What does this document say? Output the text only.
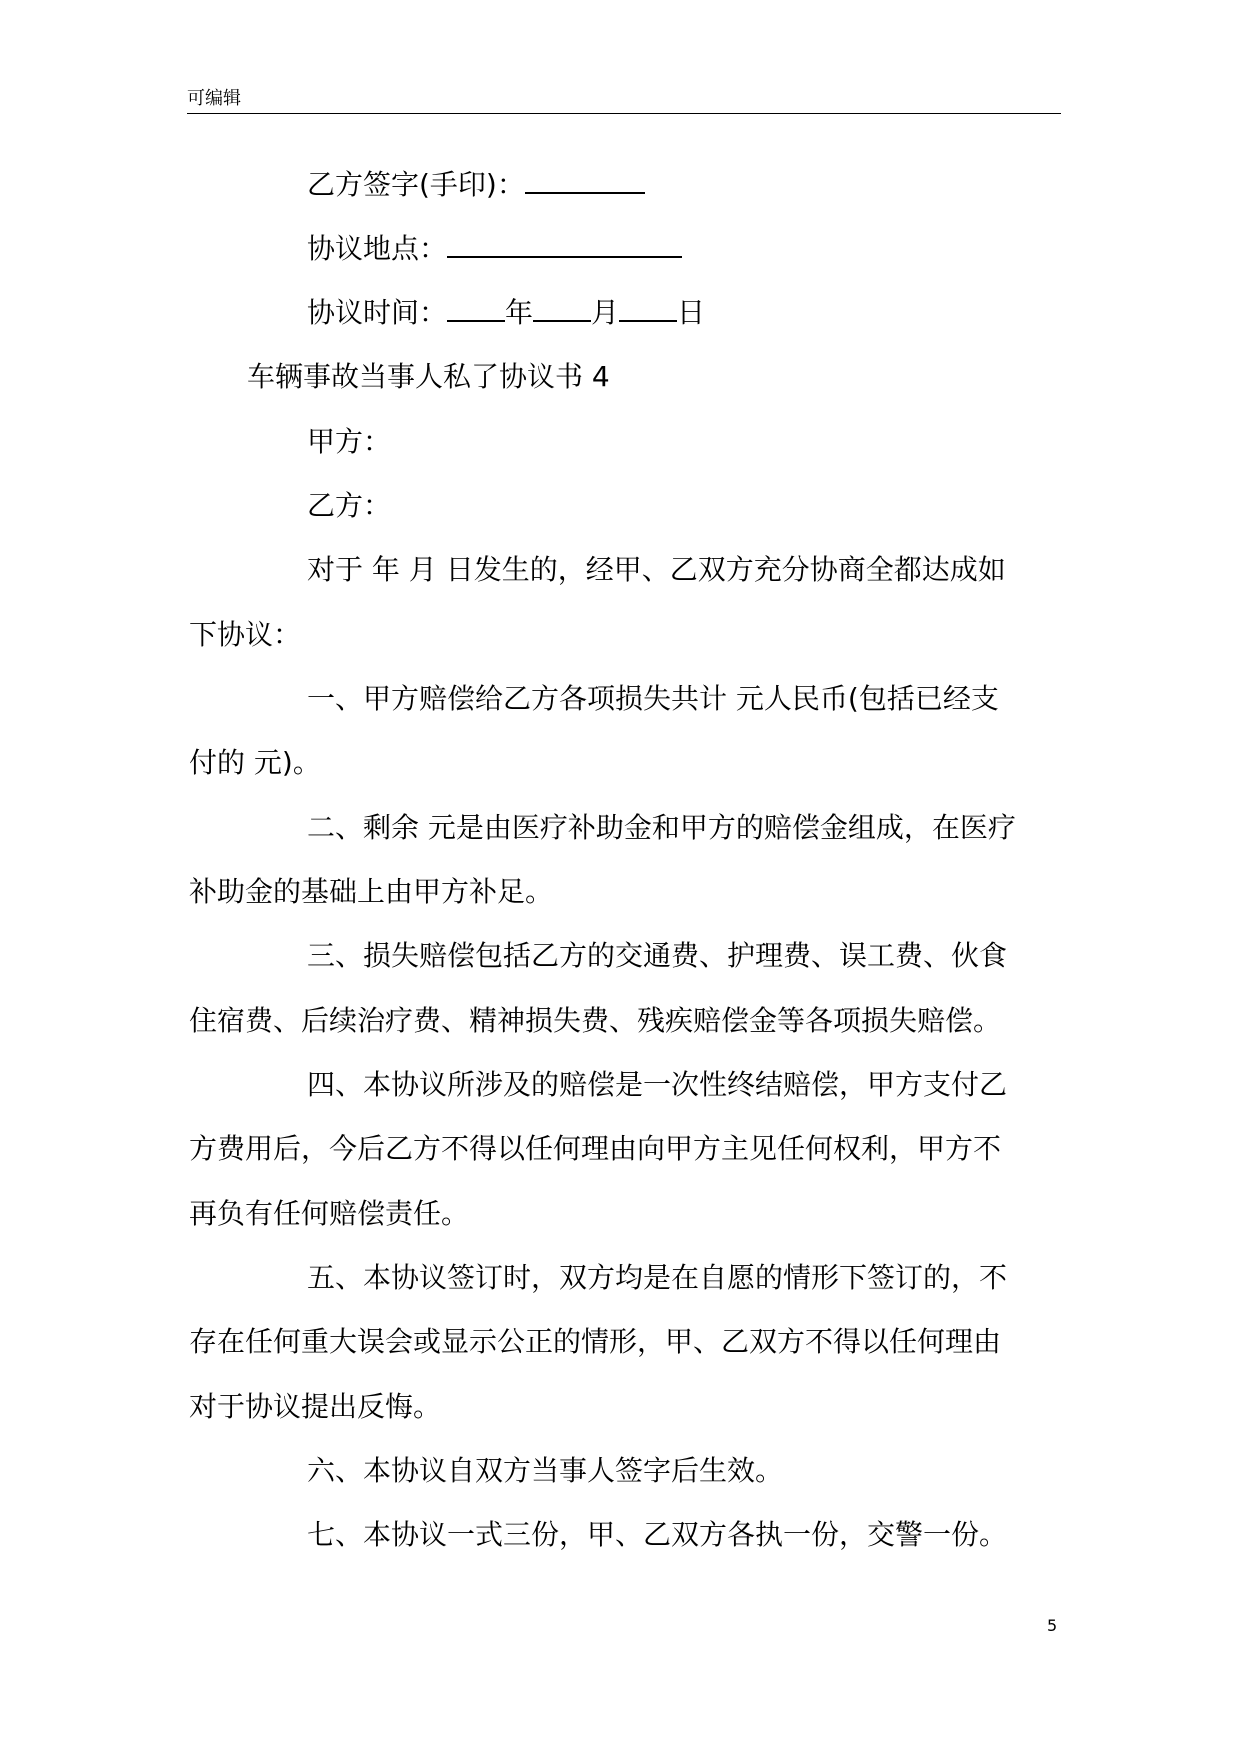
可编辑
乙方签字(手印)：
协议地点：
协议时间： 年 月 日
车辆事故当事人私了协议书 4
甲方：
乙方：
对于 年 月 日发生的，经甲、乙双方充分协商全都达成如
下协议：
一、甲方赔偿给乙方各项损失共计 元人民币(包括已经支
付的 元)。
二、剩余 元是由医疗补助金和甲方的赔偿金组成，在医疗
补助金的基础上由甲方补足。
三、损失赔偿包括乙方的交通费、护理费、误工费、伙食
住宿费、后续治疗费、精神损失费、残疾赔偿金等各项损失赔偿。
四、本协议所涉及的赔偿是一次性终结赔偿，甲方支付乙
方费用后，今后乙方不得以任何理由向甲方主见任何权利，甲方不
再负有任何赔偿责任。
五、本协议签订时，双方均是在自愿的情形下签订的，不
存在任何重大误会或显示公正的情形，甲、乙双方不得以任何理由
对于协议提出反悔。
六、本协议自双方当事人签字后生效。
七、本协议一式三份，甲、乙双方各执一份，交警一份。
5
